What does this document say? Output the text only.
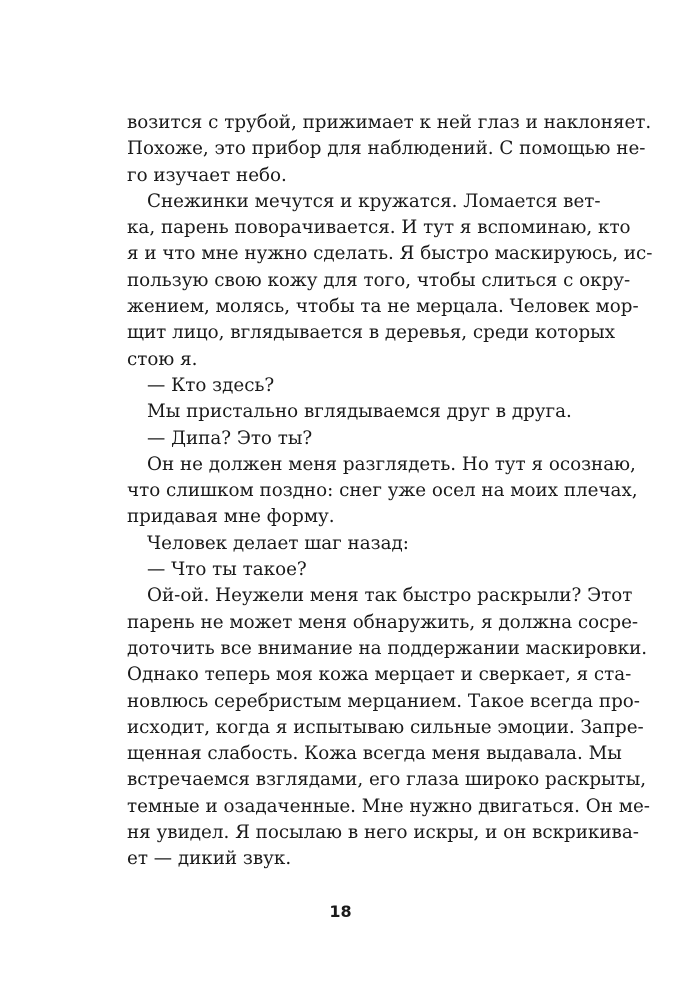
возится с трубой, прижимает к ней глаз и наклоняет.
Похоже, это прибор для наблюдений. С помощью не-
го изучает небо.
Снежинки мечутся и кружатся. Ломается вет-
ка, парень поворачивается. И тут я вспоминаю, кто
я и что мне нужно сделать. Я быстро маскируюсь, ис-
пользую свою кожу для того, чтобы слиться с окру-
жением, молясь, чтобы та не мерцала. Человек мор-
щит лицо, вглядывается в деревья, среди которых
стою я.
— Кто здесь?
Мы пристально вглядываемся друг в друга.
— Дипа? Это ты?
Он не должен меня разглядеть. Но тут я осознаю,
что слишком поздно: снег уже осел на моих плечах,
придавая мне форму.
Человек делает шаг назад:
— Что ты такое?
Ой-ой. Неужели меня так быстро раскрыли? Этот
парень не может меня обнаружить, я должна сосре-
доточить все внимание на поддержании маскировки.
Однако теперь моя кожа мерцает и сверкает, я ста-
новлюсь серебристым мерцанием. Такое всегда про-
исходит, когда я испытываю сильные эмоции. Запре-
щенная слабость. Кожа всегда меня выдавала. Мы
встречаемся взглядами, его глаза широко раскрыты,
темные и озадаченные. Мне нужно двигаться. Он ме-
ня увидел. Я посылаю в него искры, и он вскрикива-
ет — дикий звук.
18
